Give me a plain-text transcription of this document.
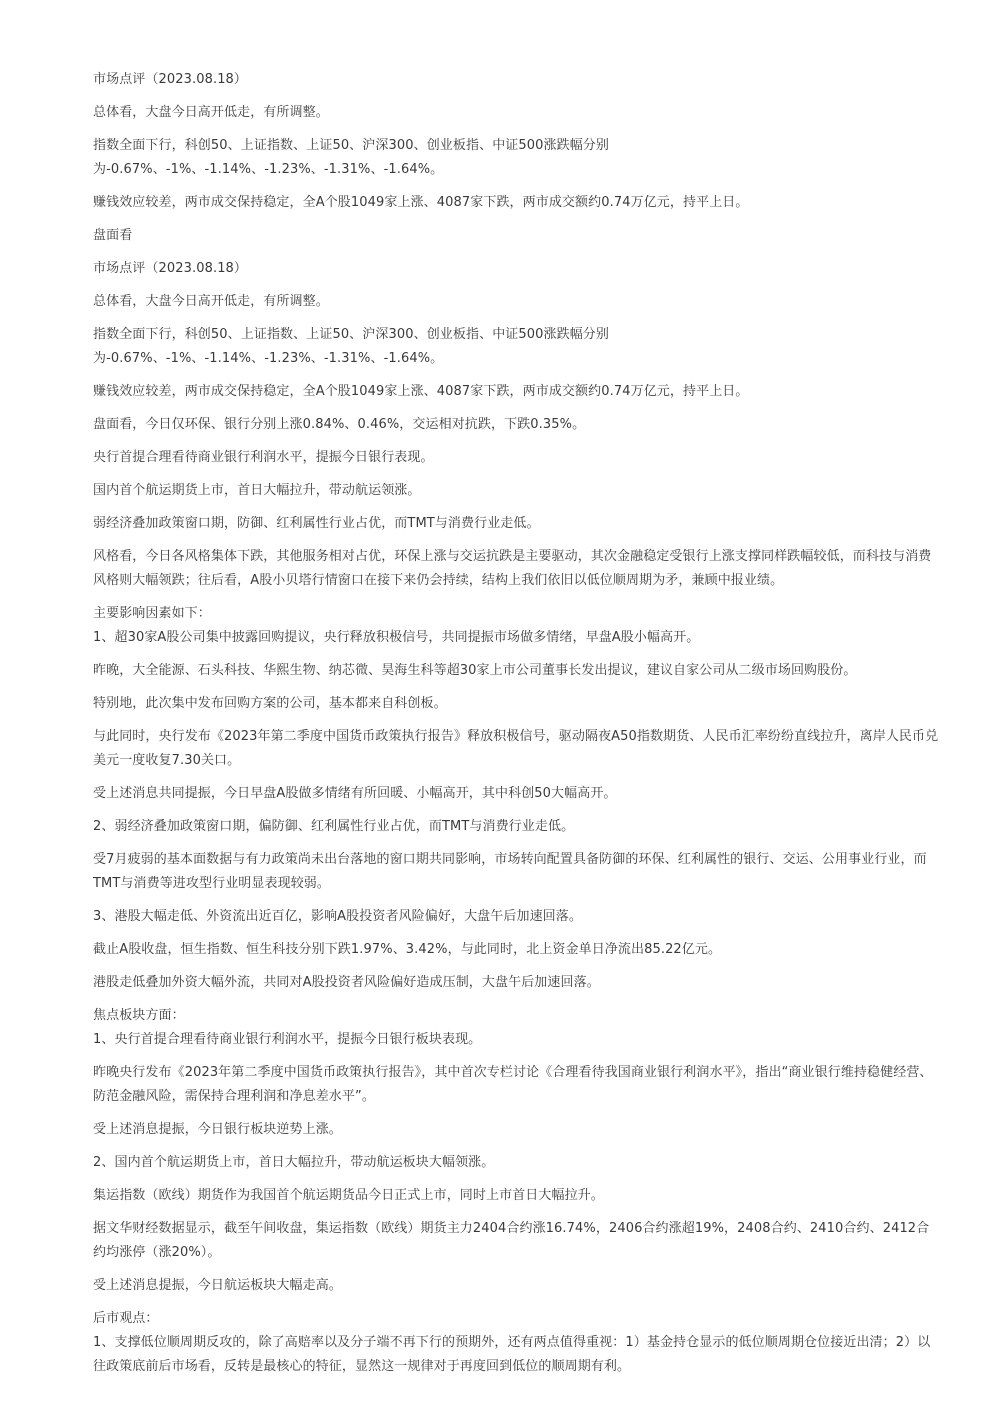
市场点评（2023.08.18）

总体看，大盘今日高开低走，有所调整。

指数全面下行，科创50、上证指数、上证50、沪深300、创业板指、中证500涨跌幅分别为-0.67%、-1%、-1.14%、-1.23%、-1.31%、-1.64%。

赚钱效应较差，两市成交保持稳定，全A个股1049家上涨、4087家下跌，两市成交额约0.74万亿元，持平上日。

盘面看

市场点评（2023.08.18）

总体看，大盘今日高开低走，有所调整。

指数全面下行，科创50、上证指数、上证50、沪深300、创业板指、中证500涨跌幅分别为-0.67%、-1%、-1.14%、-1.23%、-1.31%、-1.64%。

赚钱效应较差，两市成交保持稳定，全A个股1049家上涨、4087家下跌，两市成交额约0.74万亿元，持平上日。

盘面看，今日仅环保、银行分别上涨0.84%、0.46%，交运相对抗跌，下跌0.35%。

央行首提合理看待商业银行利润水平，提振今日银行表现。

国内首个航运期货上市，首日大幅拉升，带动航运领涨。

弱经济叠加政策窗口期，防御、红利属性行业占优，而TMT与消费行业走低。

风格看，今日各风格集体下跌，其他服务相对占优，环保上涨与交运抗跌是主要驱动，其次金融稳定受银行上涨支撑同样跌幅较低，而科技与消费风格则大幅领跌；往后看，A股小贝塔行情窗口在接下来仍会持续，结构上我们依旧以低位顺周期为矛，兼顾中报业绩。

主要影响因素如下：

1、超30家A股公司集中披露回购提议，央行释放积极信号，共同提振市场做多情绪，早盘A股小幅高开。

昨晚，大全能源、石头科技、华熙生物、纳芯微、昊海生科等超30家上市公司董事长发出提议，建议自家公司从二级市场回购股份。

特别地，此次集中发布回购方案的公司，基本都来自科创板。

与此同时，央行发布《2023年第二季度中国货币政策执行报告》释放积极信号，驱动隔夜A50指数期货、人民币汇率纷纷直线拉升，离岸人民币兑美元一度收复7.30关口。

受上述消息共同提振，今日早盘A股做多情绪有所回暖、小幅高开，其中科创50大幅高开。

2、弱经济叠加政策窗口期，偏防御、红利属性行业占优，而TMT与消费行业走低。

受7月疲弱的基本面数据与有力政策尚未出台落地的窗口期共同影响，市场转向配置具备防御的环保、红利属性的银行、交运、公用事业行业，而TMT与消费等进攻型行业明显表现较弱。

3、港股大幅走低、外资流出近百亿，影响A股投资者风险偏好，大盘午后加速回落。

截止A股收盘，恒生指数、恒生科技分别下跌1.97%、3.42%，与此同时，北上资金单日净流出85.22亿元。

港股走低叠加外资大幅外流，共同对A股投资者风险偏好造成压制，大盘午后加速回落。

焦点板块方面：

1、央行首提合理看待商业银行利润水平，提振今日银行板块表现。

昨晚央行发布《2023年第二季度中国货币政策执行报告》，其中首次专栏讨论《合理看待我国商业银行利润水平》，指出“商业银行维持稳健经营、防范金融风险，需保持合理利润和净息差水平”。

受上述消息提振，今日银行板块逆势上涨。

2、国内首个航运期货上市，首日大幅拉升，带动航运板块大幅领涨。

集运指数（欧线）期货作为我国首个航运期货品今日正式上市，同时上市首日大幅拉升。

据文华财经数据显示，截至午间收盘，集运指数（欧线）期货主力2404合约涨16.74%，2406合约涨超19%，2408合约、2410合约、2412合约均涨停（涨20%）。

受上述消息提振，今日航运板块大幅走高。

后市观点：

1、支撑低位顺周期反攻的，除了高赔率以及分子端不再下行的预期外，还有两点值得重视：1）基金持仓显示的低位顺周期仓位接近出清；2）以往政策底前后市场看，反转是最核心的特征，显然这一规律对于再度回到低位的顺周期有利。
